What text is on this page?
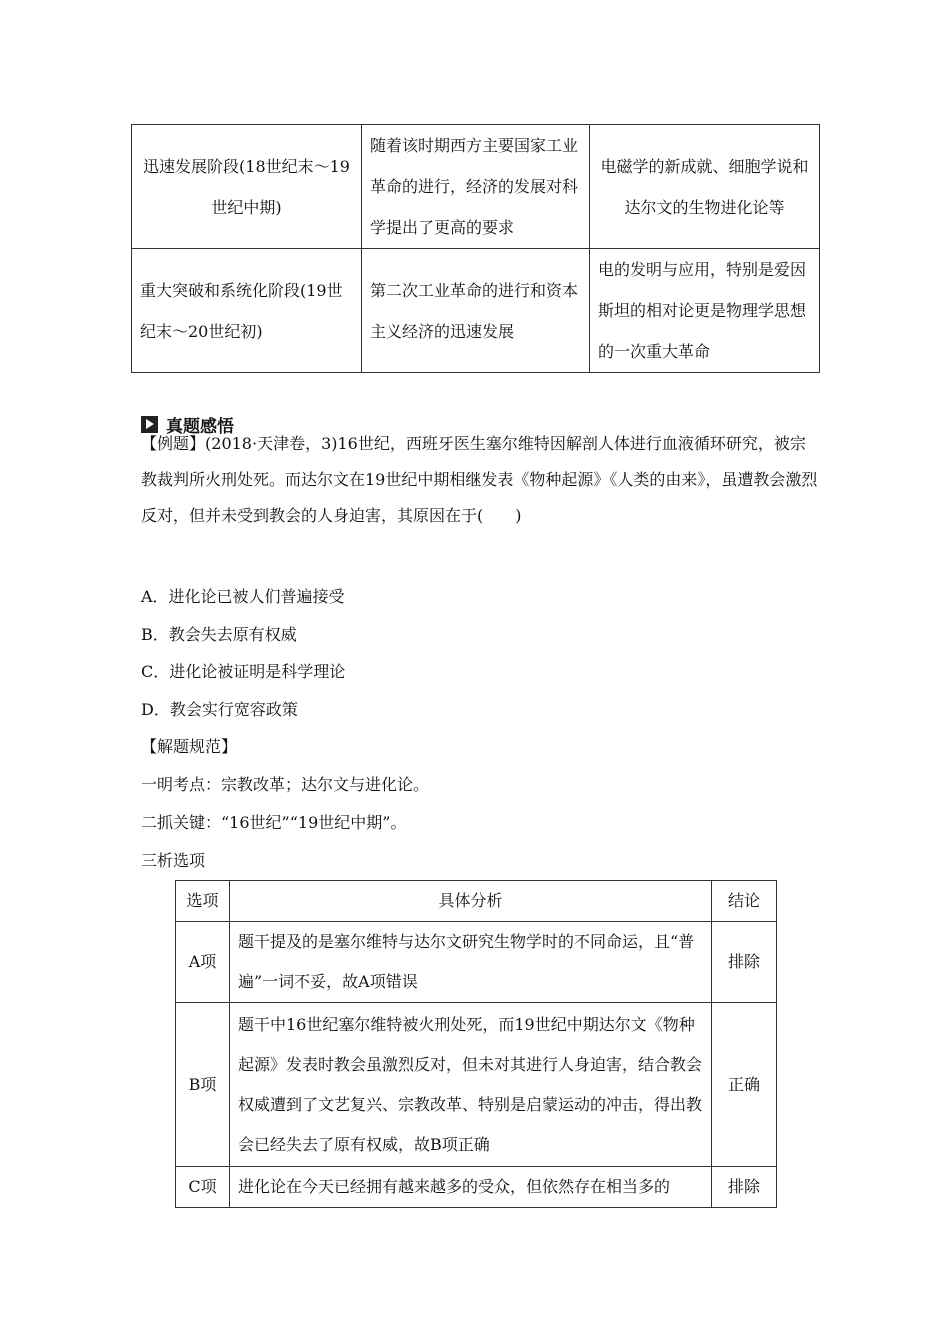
迅速发展阶段(18世纪末～19世纪中期)	随着该时期西方主要国家工业革命的进行，经济的发展对科学提出了更高的要求	电磁学的新成就、细胞学说和达尔文的生物进化论等
重大突破和系统化阶段(19世纪末～20世纪初)	第二次工业革命的进行和资本主义经济的迅速发展	电的发明与应用，特别是爱因斯坦的相对论更是物理学思想的一次重大革命
真题感悟
【例题】(2018·天津卷，3)16世纪，西班牙医生塞尔维特因解剖人体进行血液循环研究，被宗教裁判所火刑处死。而达尔文在19世纪中期相继发表《物种起源》《人类的由来》，虽遭教会激烈反对，但并未受到教会的人身迫害，其原因在于(　　)
A．进化论已被人们普遍接受
B．教会失去原有权威
C．进化论被证明是科学理论
D．教会实行宽容政策
【解题规范】
一明考点：宗教改革；达尔文与进化论。
二抓关键：“16世纪”“19世纪中期”。
三析选项
选项	具体分析	结论
A项	题干提及的是塞尔维特与达尔文研究生物学时的不同命运，且“普遍”一词不妥，故A项错误	排除
B项	题干中16世纪塞尔维特被火刑处死，而19世纪中期达尔文《物种起源》发表时教会虽激烈反对，但未对其进行人身迫害，结合教会权威遭到了文艺复兴、宗教改革、特别是启蒙运动的冲击，得出教会已经失去了原有权威，故B项正确	正确
C项	进化论在今天已经拥有越来越多的受众，但依然存在相当多的	排除
